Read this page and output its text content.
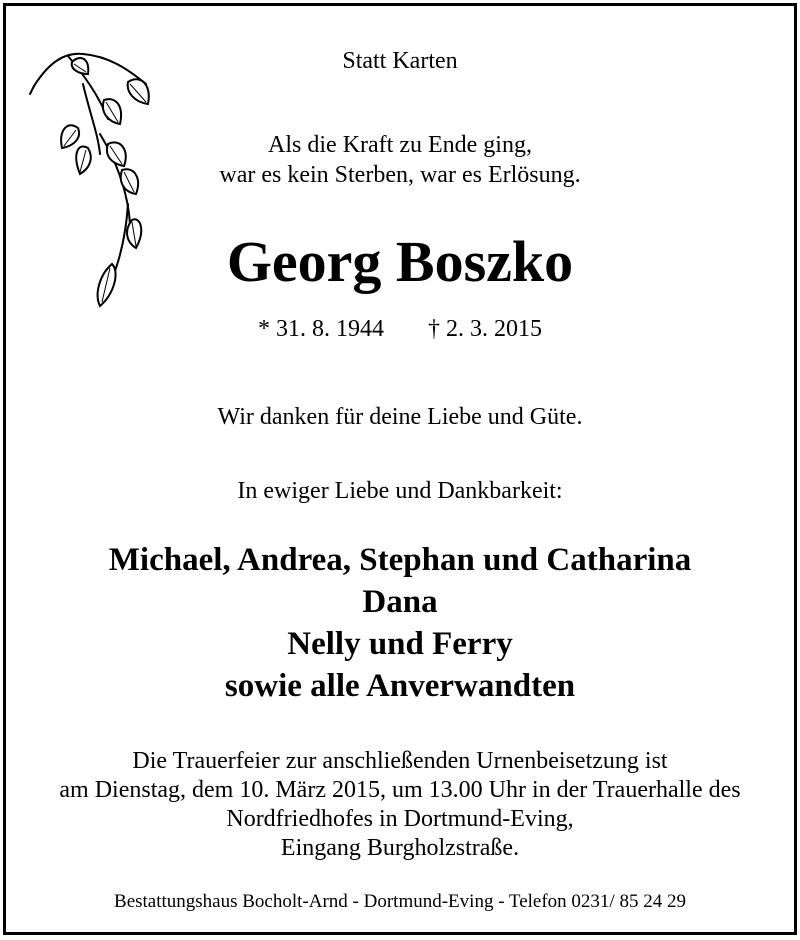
Statt Karten
Als die Kraft zu Ende ging,
war es kein Sterben, war es Erlösung.
Georg Boszko
* 31. 8. 1944 † 2. 3. 2015
Wir danken für deine Liebe und Güte.
In ewiger Liebe und Dankbarkeit:
Michael, Andrea, Stephan und Catharina
Dana
Nelly und Ferry
sowie alle Anverwandten
Die Trauerfeier zur anschließenden Urnenbeisetzung ist
am Dienstag, dem 10. März 2015, um 13.00 Uhr in der Trauerhalle des
Nordfriedhofes in Dortmund-Eving,
Eingang Burgholzstraße.
Bestattungshaus Bocholt-Arnd - Dortmund-Eving - Telefon 0231/ 85 24 29
